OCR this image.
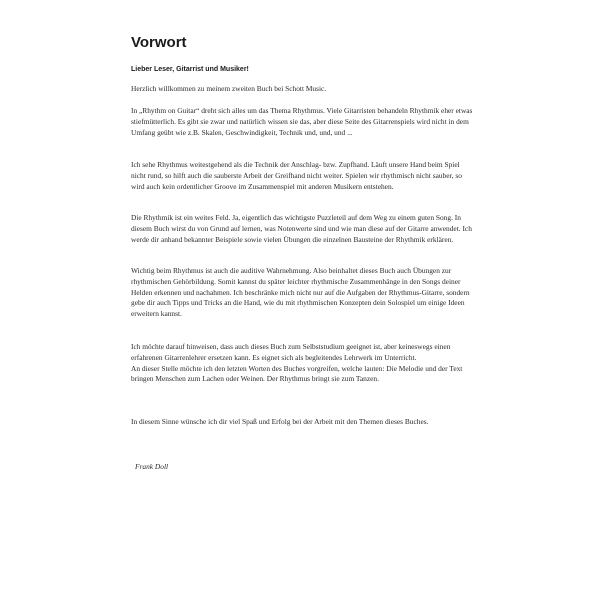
Vorwort

Lieber Leser, Gitarrist und Musiker!

Herzlich willkommen zu meinem zweiten Buch bei Schott Music.

In „Rhythm on Guitar“ dreht sich alles um das Thema Rhythmus. Viele Gitarristen behandeln Rhythmik eher etwas stiefmütterlich. Es gibt sie zwar und natürlich wissen sie das, aber diese Seite des Gitarrenspiels wird nicht in dem Umfang geübt wie z.B. Skalen, Geschwindigkeit, Technik und, und, und ...

Ich sehe Rhythmus weitestgehend als die Technik der Anschlag- bzw. Zupfhand. Läuft unsere Hand beim Spiel nicht rund, so hilft auch die sauberste Arbeit der Greifhand nicht weiter. Spielen wir rhythmisch nicht sauber, so wird auch kein ordentlicher Groove im Zusammenspiel mit anderen Musikern entstehen.

Die Rhythmik ist ein weites Feld. Ja, eigentlich das wichtigste Puzzleteil auf dem Weg zu einem guten Song. In diesem Buch wirst du von Grund auf lernen, was Notenwerte sind und wie man diese auf der Gitarre anwendet. Ich werde dir anhand bekannter Beispiele sowie vielen Übungen die einzelnen Bausteine der Rhythmik erklären.

Wichtig beim Rhythmus ist auch die auditive Wahrnehmung. Also beinhaltet dieses Buch auch Übungen zur rhythmischen Gehörbildung. Somit kannst du später leichter rhythmische Zusammenhänge in den Songs deiner Helden erkennen und nachahmen. Ich beschränke mich nicht nur auf die Aufgaben der Rhythmus-Gitarre, sondern gebe dir auch Tipps und Tricks an die Hand, wie du mit rhythmischen Konzepten dein Solospiel um einige Ideen erweitern kannst.

Ich möchte darauf hinweisen, dass auch dieses Buch zum Selbststudium geeignet ist, aber keineswegs einen erfahrenen Gitarrenlehrer ersetzen kann. Es eignet sich als begleitendes Lehrwerk im Unterricht.
An dieser Stelle möchte ich den letzten Worten des Buches vorgreifen, welche lauten: Die Melodie und der Text bringen Menschen zum Lachen oder Weinen. Der Rhythmus bringt sie zum Tanzen.

In diesem Sinne wünsche ich dir viel Spaß und Erfolg bei der Arbeit mit den Themen dieses Buches.

Frank Doll
